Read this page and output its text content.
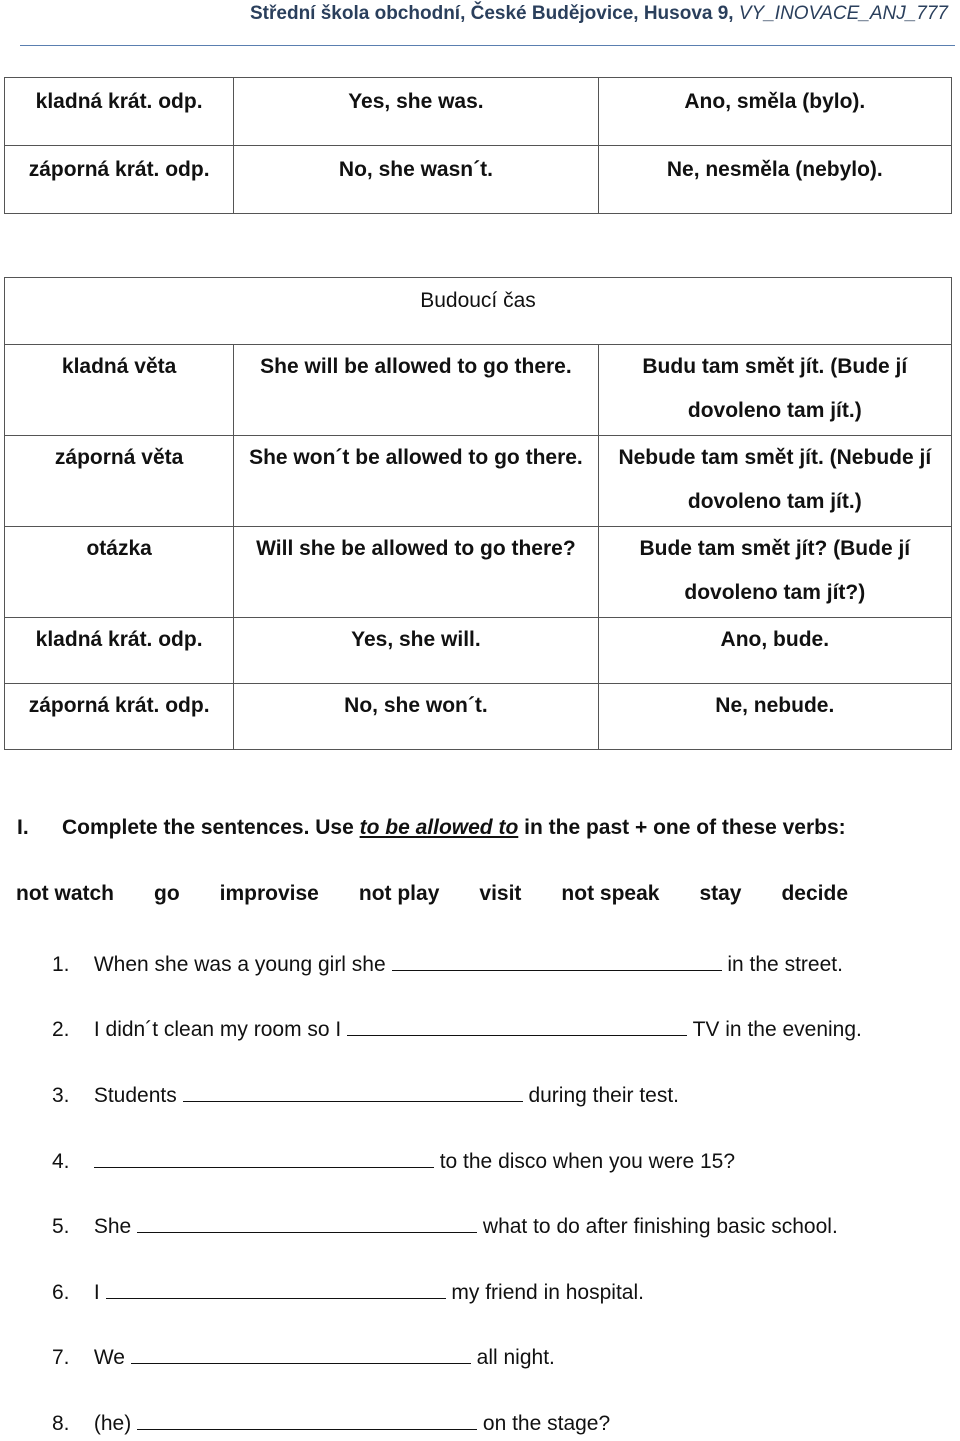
Střední škola obchodní, České Budějovice, Husova 9, VY_INOVACE_ANJ_777
kladná krát. odp.	Yes, she was.	Ano, směla (bylo).
záporná krát. odp.	No, she wasn´t.	Ne, nesměla (nebylo).
Budoucí čas		
kladná věta	She will be allowed to go there.	Budu tam smět jít. (Bude jí dovoleno tam jít.)
záporná věta	She won´t be allowed to go there.	Nebude tam smět jít. (Nebude jí dovoleno tam jít.)
otázka	Will she be allowed to go there?	Bude tam smět jít? (Bude jí dovoleno tam jít?)
kladná krát. odp.	Yes, she will.	Ano, bude.
záporná krát. odp.	No, she won´t.	Ne, nebude.
I. Complete the sentences. Use to be allowed to in the past + one of these verbs:
not watch go improvise not play visit not speak stay decide
1. When she was a young girl she	in the street.
2. I didn´t clean my room so I	TV in the evening.
3. Students	during their test.
4.	to the disco when you were 15?
5. She	what to do after finishing basic school.
6. I	my friend in hospital.
7. We	all night.
8. (he)	on the stage?
